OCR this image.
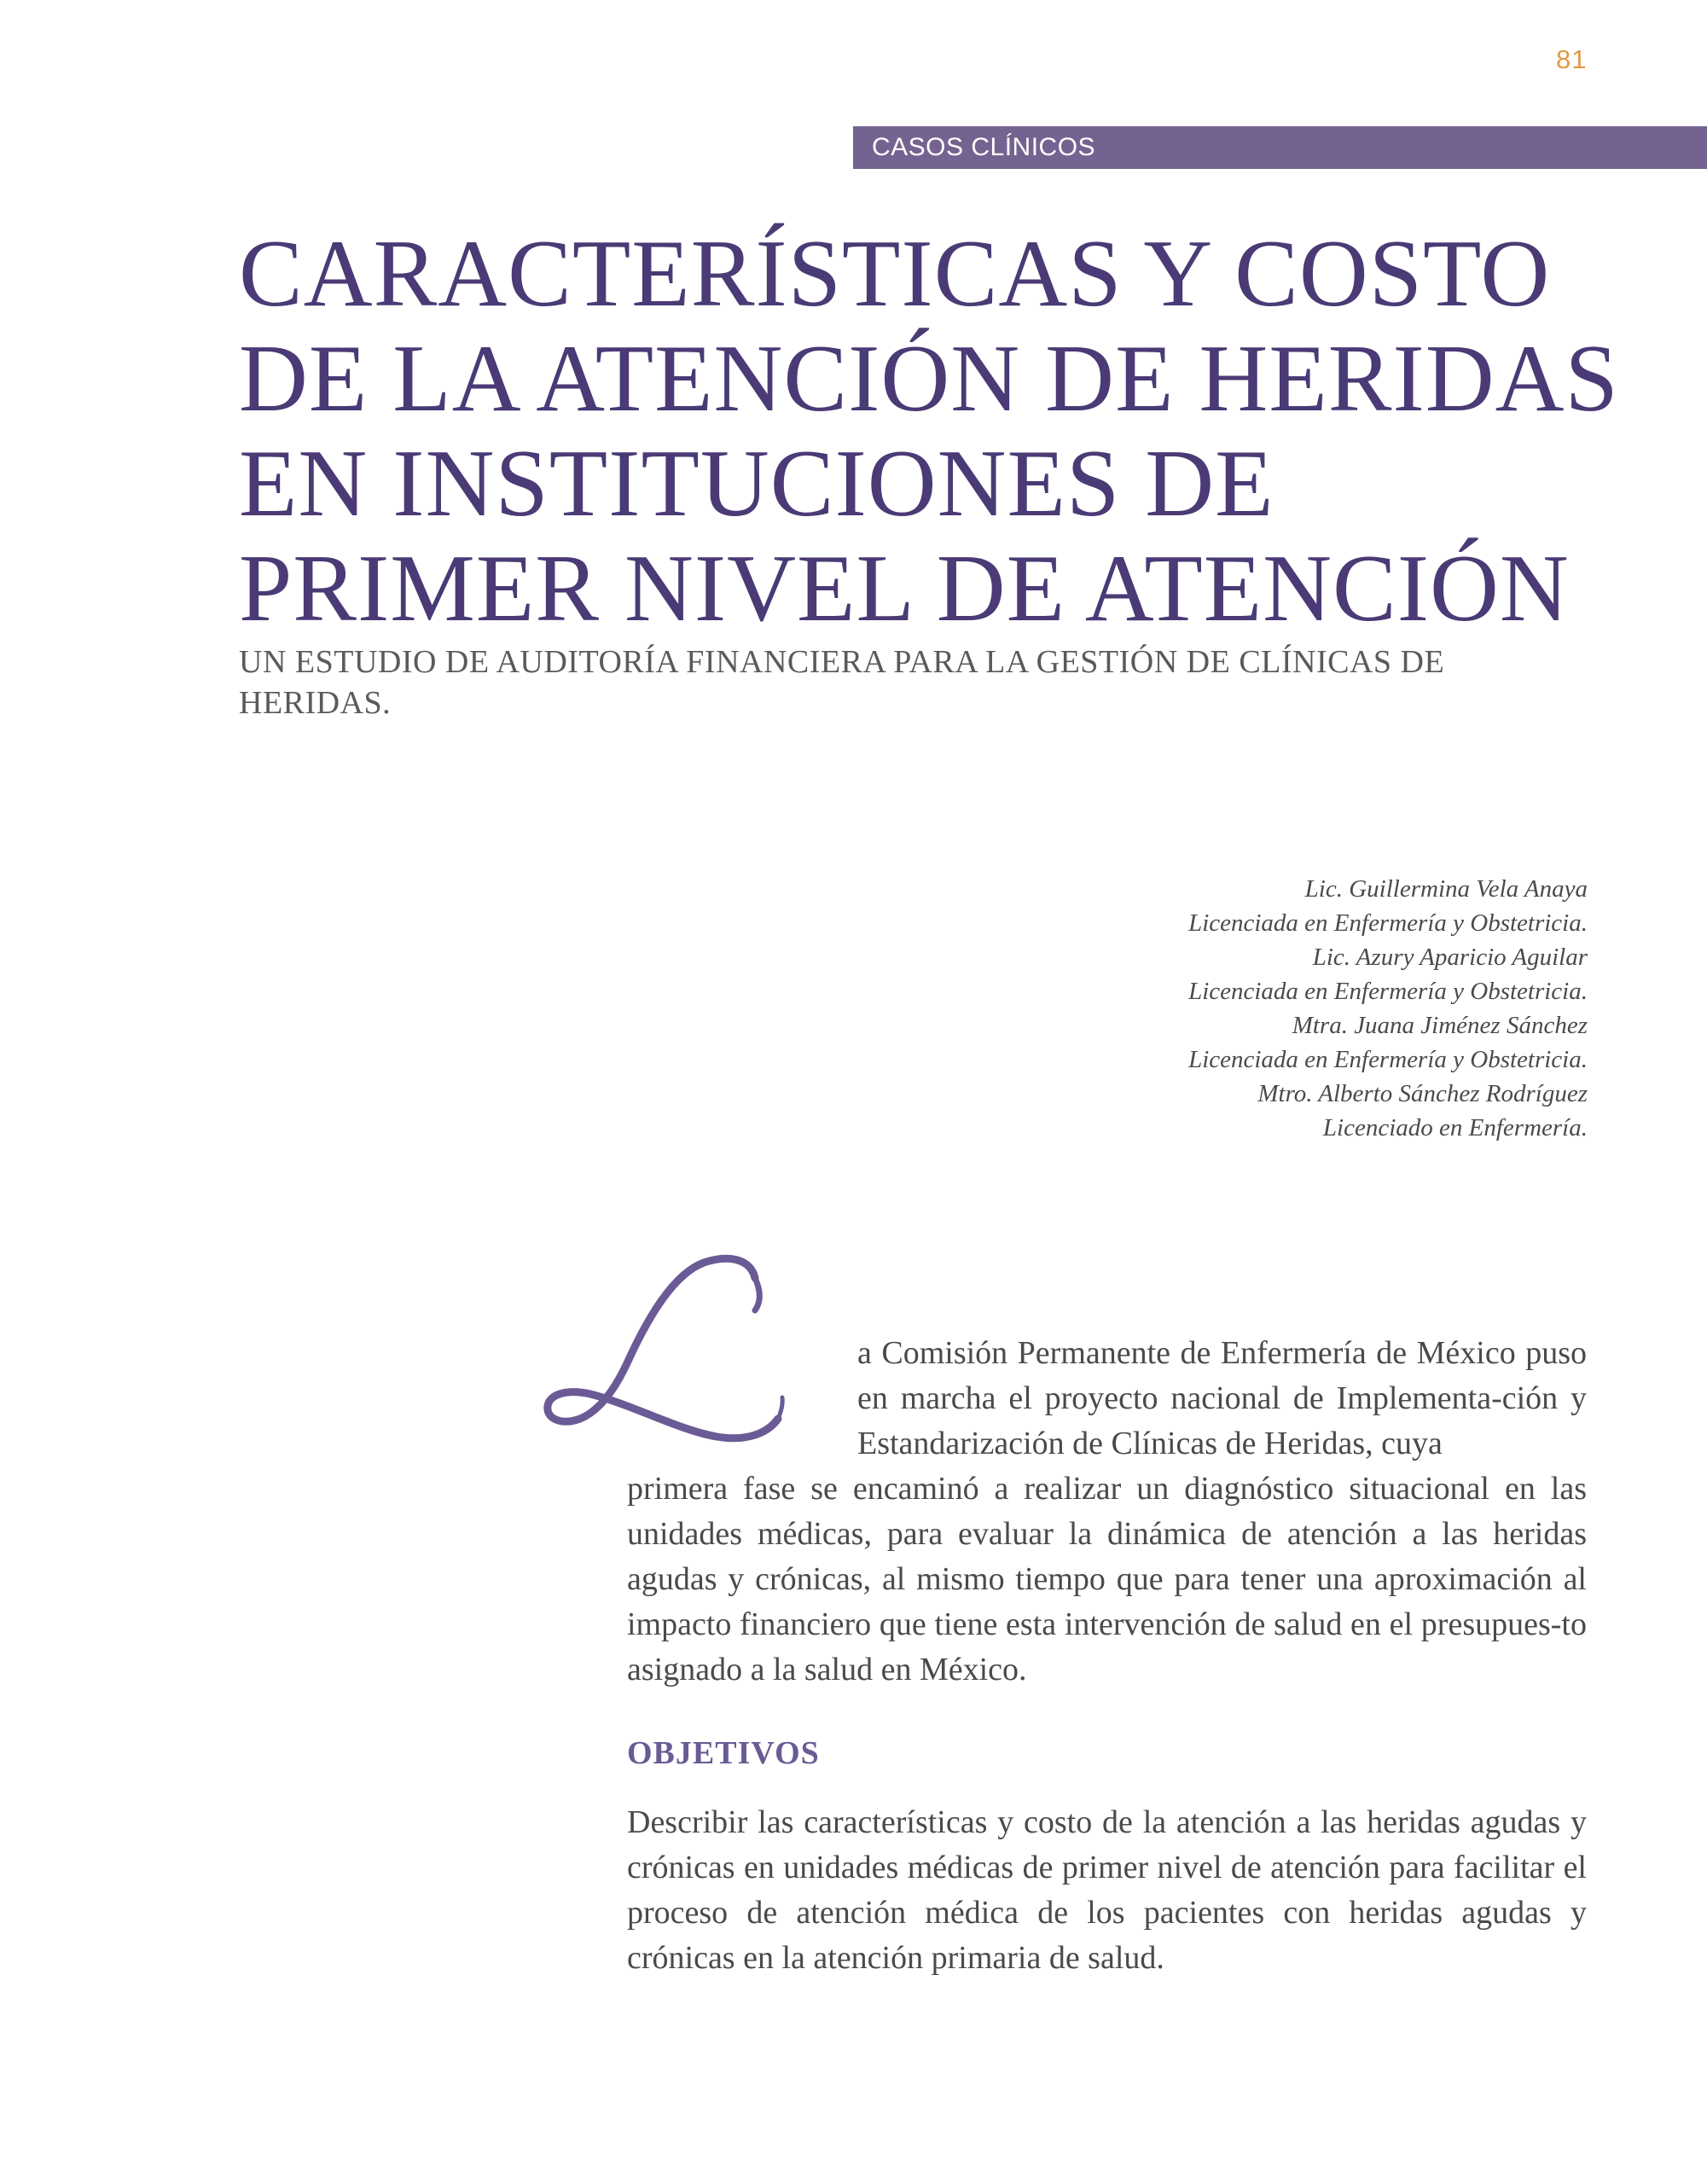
81
CASOS CLÍNICOS
CARACTERÍSTICAS Y COSTO
DE LA ATENCIÓN DE HERIDAS
EN INSTITUCIONES DE
PRIMER NIVEL DE ATENCIÓN
UN ESTUDIO DE AUDITORÍA FINANCIERA PARA LA GESTIÓN DE CLÍNICAS DE HERIDAS.
Lic. Guillermina Vela Anaya
Licenciada en Enfermería y Obstetricia.
Lic. Azury Aparicio Aguilar
Licenciada en Enfermería y Obstetricia.
Mtra. Juana Jiménez Sánchez
Licenciada en Enfermería y Obstetricia.
Mtro. Alberto Sánchez Rodríguez
Licenciado en Enfermería.

a Comisión Permanente de Enfermería de México puso en marcha el proyecto nacional de Implementa-ción y Estandarización de Clínicas de Heridas, cuya

primera fase se encaminó a realizar un diagnóstico situacional en las unidades médicas, para evaluar la dinámica de atención a las heridas agudas y crónicas, al mismo tiempo que para tener una aproximación al impacto financiero que tiene esta intervención de salud en el presupues-to asignado a la salud en México.

OBJETIVOS

Describir las características y costo de la atención a las heridas agudas y crónicas en unidades médicas de primer nivel de atención para facilitar el proceso de atención médica de los pacientes con heridas agudas y crónicas en la atención primaria de salud.
